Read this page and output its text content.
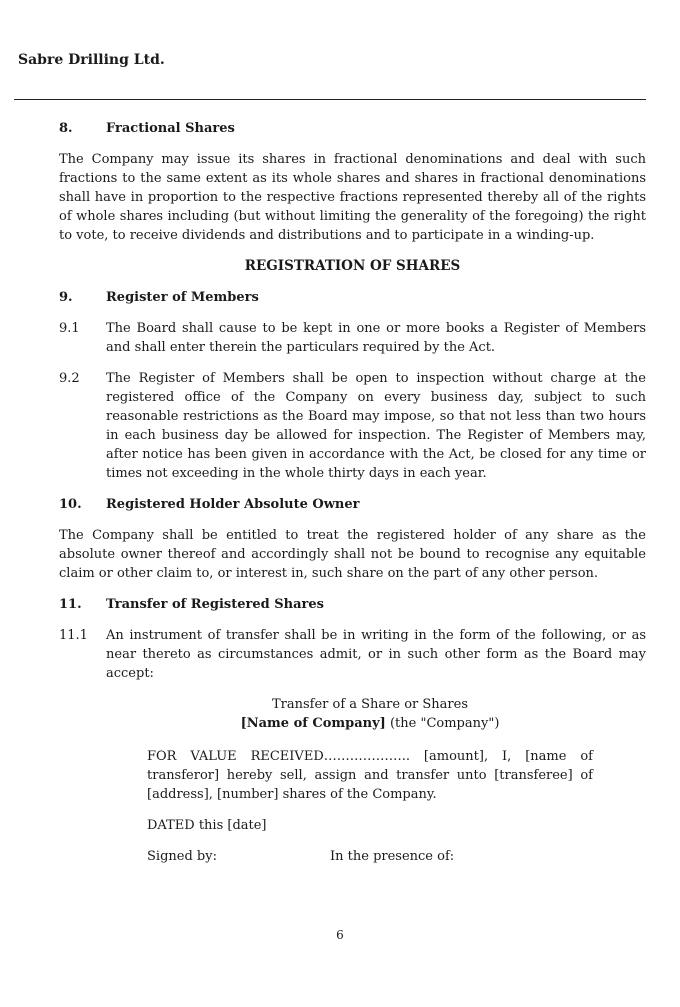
Sabre Drilling Ltd.
8.	Fractional Shares

The Company may issue its shares in fractional denominations and deal with such fractions to the same extent as its whole shares and shares in fractional denominations shall have in proportion to the respective fractions represented thereby all of the rights of whole shares including (but without limiting the generality of the foregoing) the right to vote, to receive dividends and distributions and to participate in a winding-up.

REGISTRATION OF SHARES
9.	Register of Members
9.1	The Board shall cause to be kept in one or more books a Register of Members and shall enter therein the particulars required by the Act.
9.2	The Register of Members shall be open to inspection without charge at the registered office of the Company on every business day, subject to such reasonable restrictions as the Board may impose, so that not less than two hours in each business day be allowed for inspection. The Register of Members may, after notice has been given in accordance with the Act, be closed for any time or times not exceeding in the whole thirty days in each year.
10.	Registered Holder Absolute Owner

The Company shall be entitled to treat the registered holder of any share as the absolute owner thereof and accordingly shall not be bound to recognise any equitable claim or other claim to, or interest in, such share on the part of any other person.

11.	Transfer of Registered Shares
11.1	An instrument of transfer shall be in writing in the form of the following, or as near thereto as circumstances admit, or in such other form as the Board may accept:
Transfer of a Share or Shares
[Name of Company] (the "Company")
FOR VALUE RECEIVED……………….. [amount], I, [name of transferor] hereby sell, assign and transfer unto [transferee] of [address], [number] shares of the Company.
DATED this [date]
Signed by:	In the presence of:
6
